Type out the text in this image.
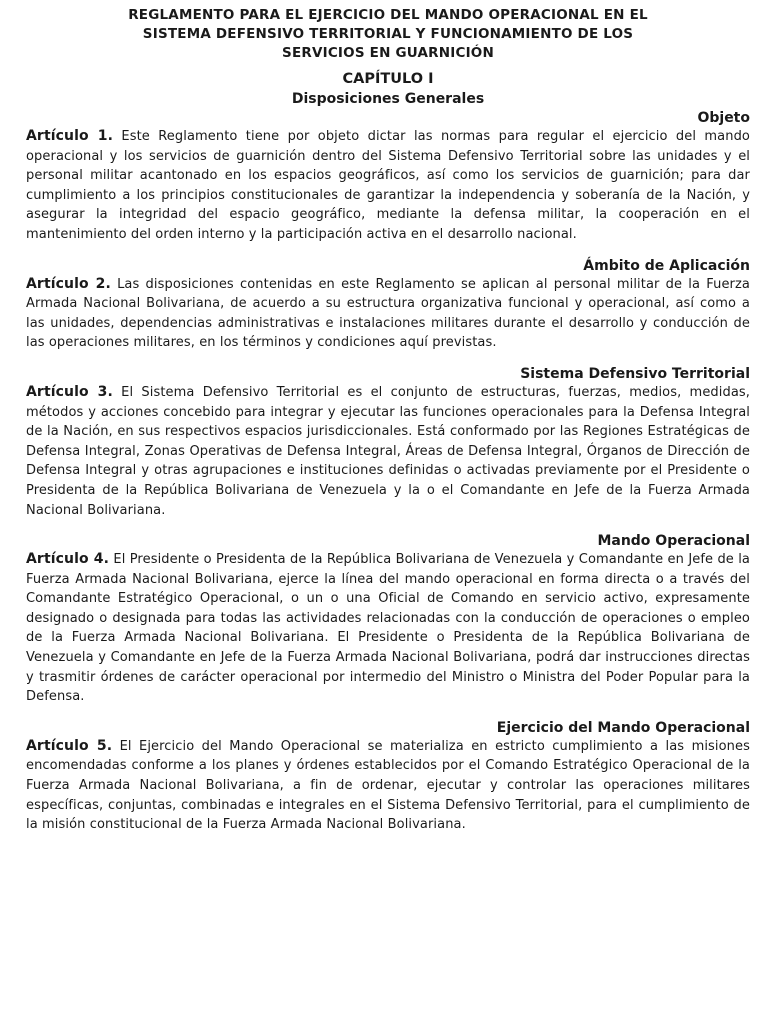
REGLAMENTO PARA EL EJERCICIO DEL MANDO OPERACIONAL EN EL
SISTEMA DEFENSIVO TERRITORIAL Y FUNCIONAMIENTO DE LOS
SERVICIOS EN GUARNICIÓN

CAPÍTULO I

Disposiciones Generales

Objeto

Artículo 1. Este Reglamento tiene por objeto dictar las normas para regular el ejercicio del mando operacional y los servicios de guarnición dentro del Sistema Defensivo Territorial sobre las unidades y el personal militar acantonado en los espacios geográficos, así como los servicios de guarnición; para dar cumplimiento a los principios constitucionales de garantizar la independencia y soberanía de la Nación, y asegurar la integridad del espacio geográfico, mediante la defensa militar, la cooperación en el mantenimiento del orden interno y la participación activa en el desarrollo nacional.

Ámbito de Aplicación

Artículo 2. Las disposiciones contenidas en este Reglamento se aplican al personal militar de la Fuerza Armada Nacional Bolivariana, de acuerdo a su estructura organizativa funcional y operacional, así como a las unidades, dependencias administrativas e instalaciones militares durante el desarrollo y conducción de las operaciones militares, en los términos y condiciones aquí previstas.

Sistema Defensivo Territorial

Artículo 3. El Sistema Defensivo Territorial es el conjunto de estructuras, fuerzas, medios, medidas, métodos y acciones concebido para integrar y ejecutar las funciones operacionales para la Defensa Integral de la Nación, en sus respectivos espacios jurisdiccionales. Está conformado por las Regiones Estratégicas de Defensa Integral, Zonas Operativas de Defensa Integral, Áreas de Defensa Integral, Órganos de Dirección de Defensa Integral y otras agrupaciones e instituciones definidas o activadas previamente por el Presidente o Presidenta de la República Bolivariana de Venezuela y la o el Comandante en Jefe de la Fuerza Armada Nacional Bolivariana.

Mando Operacional

Artículo 4. El Presidente o Presidenta de la República Bolivariana de Venezuela y Comandante en Jefe de la Fuerza Armada Nacional Bolivariana, ejerce la línea del mando operacional en forma directa o a través del Comandante Estratégico Operacional, o un o una Oficial de Comando en servicio activo, expresamente designado o designada para todas las actividades relacionadas con la conducción de operaciones o empleo de la Fuerza Armada Nacional Bolivariana. El Presidente o Presidenta de la República Bolivariana de Venezuela y Comandante en Jefe de la Fuerza Armada Nacional Bolivariana, podrá dar instrucciones directas y trasmitir órdenes de carácter operacional por intermedio del Ministro o Ministra del Poder Popular para la Defensa.

Ejercicio del Mando Operacional

Artículo 5. El Ejercicio del Mando Operacional se materializa en estricto cumplimiento a las misiones encomendadas conforme a los planes y órdenes establecidos por el Comando Estratégico Operacional de la Fuerza Armada Nacional Bolivariana, a fin de ordenar, ejecutar y controlar las operaciones militares específicas, conjuntas, combinadas e integrales en el Sistema Defensivo Territorial, para el cumplimiento de la misión constitucional de la Fuerza Armada Nacional Bolivariana.
